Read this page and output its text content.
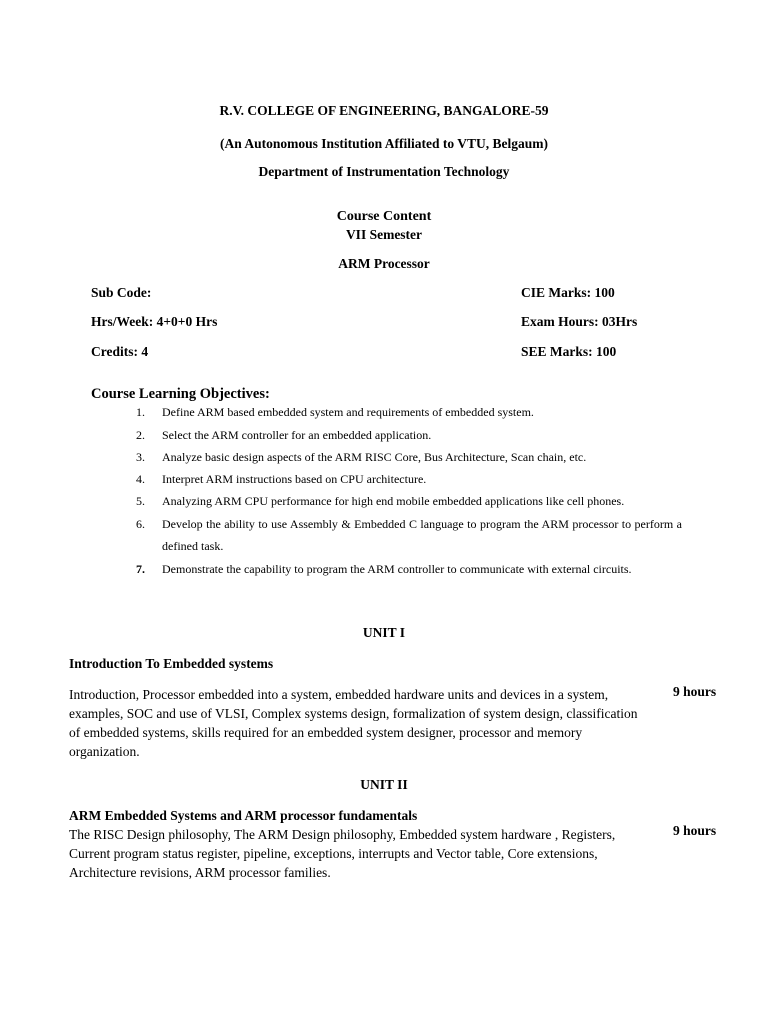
R.V. COLLEGE OF ENGINEERING, BANGALORE-59
(An Autonomous Institution Affiliated to VTU, Belgaum)
Department of Instrumentation Technology
Course Content
VII Semester
ARM Processor
Sub Code:	CIE Marks: 100
Hrs/Week: 4+0+0 Hrs	Exam Hours: 03Hrs
Credits: 4	SEE Marks: 100
Course Learning Objectives:
1.	Define ARM based embedded system and requirements of embedded system.
2.	Select the ARM controller for an embedded application.
3.	Analyze basic design aspects of the ARM RISC Core, Bus Architecture, Scan chain, etc.
4.	Interpret ARM instructions based on CPU architecture.
5.	Analyzing ARM CPU performance for high end mobile embedded applications like cell phones.
6.	Develop the ability to use Assembly & Embedded C language to program the ARM processor to perform a defined task.
7.	Demonstrate the capability to program the ARM controller to communicate with external circuits.
UNIT I
Introduction To Embedded systems
Introduction, Processor embedded into a system, embedded hardware units and devices in a system, examples, SOC and use of VLSI, Complex systems design, formalization of system design, classification of embedded systems, skills required for an embedded system designer, processor and memory organization.
9 hours
UNIT II
ARM Embedded Systems and ARM processor fundamentals
The RISC Design philosophy, The ARM Design philosophy, Embedded system hardware , Registers, Current program status register, pipeline, exceptions, interrupts and Vector table, Core extensions, Architecture revisions, ARM processor families.
9 hours
